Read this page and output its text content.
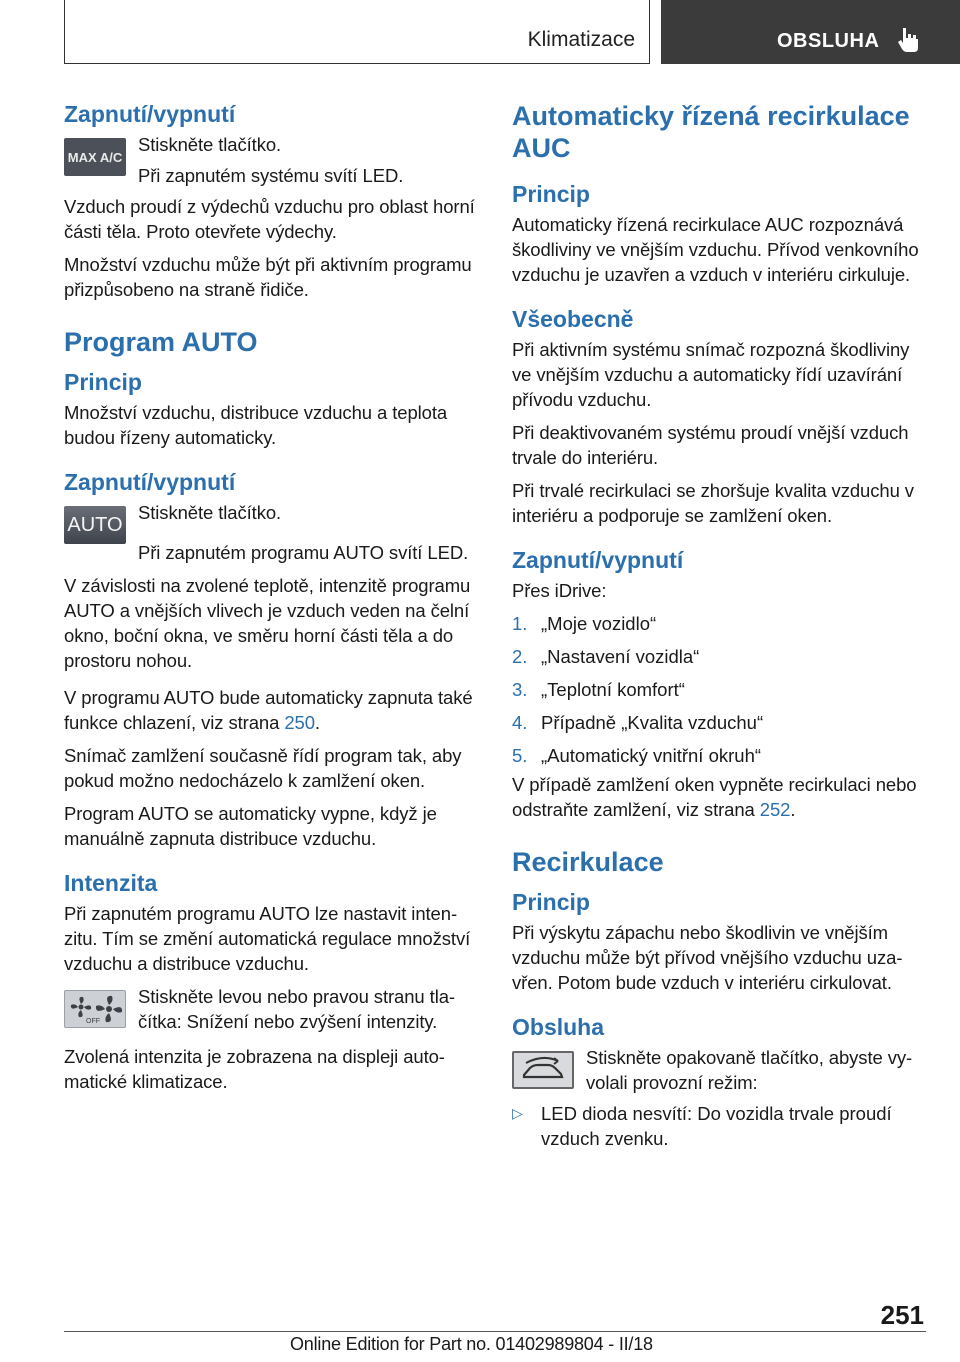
Klimatizace	OBSLUHA
Zapnutí/vypnutí
MAX A/C

Stiskněte tlačítko.

Při zapnutém systému svítí LED.

Vzduch proudí z výdechů vzduchu pro oblast horní části těla. Proto otevřete výdechy.

Množství vzduchu může být při aktivním programu přizpůsobeno na straně řidiče.

Program AUTO
Princip

Množství vzduchu, distribuce vzduchu a teplota budou řízeny automaticky.

Zapnutí/vypnutí
AUTO

Stiskněte tlačítko.

Při zapnutém programu AUTO svítí LED.

V závislosti na zvolené teplotě, intenzitě programu AUTO a vnějších vlivech je vzduch veden na čelní okno, boční okna, ve směru horní části těla a do prostoru nohou.

V programu AUTO bude automaticky zapnuta také funkce chlazení, viz strana 250.

Snímač zamlžení současně řídí program tak, aby pokud možno nedocházelo k zamlžení oken.

Program AUTO se automaticky vypne, když je manuálně zapnuta distribuce vzduchu.

Intenzita

Při zapnutém programu AUTO lze nastavit intenzitu. Tím se změní automatická regulace množství vzduchu a distribuce vzduchu.

OFF

Stiskněte levou nebo pravou stranu tlačítka: Snížení nebo zvýšení intenzity.

Zvolená intenzita je zobrazena na displeji automatické klimatizace.

Automaticky řízená recirkulace AUC
Princip

Automaticky řízená recirkulace AUC rozpoznává škodliviny ve vnějším vzduchu. Přívod venkovního vzduchu je uzavřen a vzduch v interiéru cirkuluje.

Všeobecně

Při aktivním systému snímač rozpozná škodliviny ve vnějším vzduchu a automaticky řídí uzavírání přívodu vzduchu.

Při deaktivovaném systému proudí vnější vzduch trvale do interiéru.

Při trvalé recirkulaci se zhoršuje kvalita vzduchu v interiéru a podporuje se zamlžení oken.

Zapnutí/vypnutí

Přes iDrive:

1. „Moje vozidlo“
2. „Nastavení vozidla“
3. „Teplotní komfort“
4. Případně „Kvalita vzduchu“
5. „Automatický vnitřní okruh“

V případě zamlžení oken vypněte recirkulaci nebo odstraňte zamlžení, viz strana 252.

Recirkulace
Princip

Při výskytu zápachu nebo škodlivin ve vnějším vzduchu může být přívod vnějšího vzduchu uzavřen. Potom bude vzduch v interiéru cirkulovat.

Obsluha

Stiskněte opakovaně tlačítko, abyste vyvolali provozní režim:

▷ LED dioda nesvítí: Do vozidla trvale proudí vzduch zvenku.
251
Online Edition for Part no. 01402989804 - II/18
